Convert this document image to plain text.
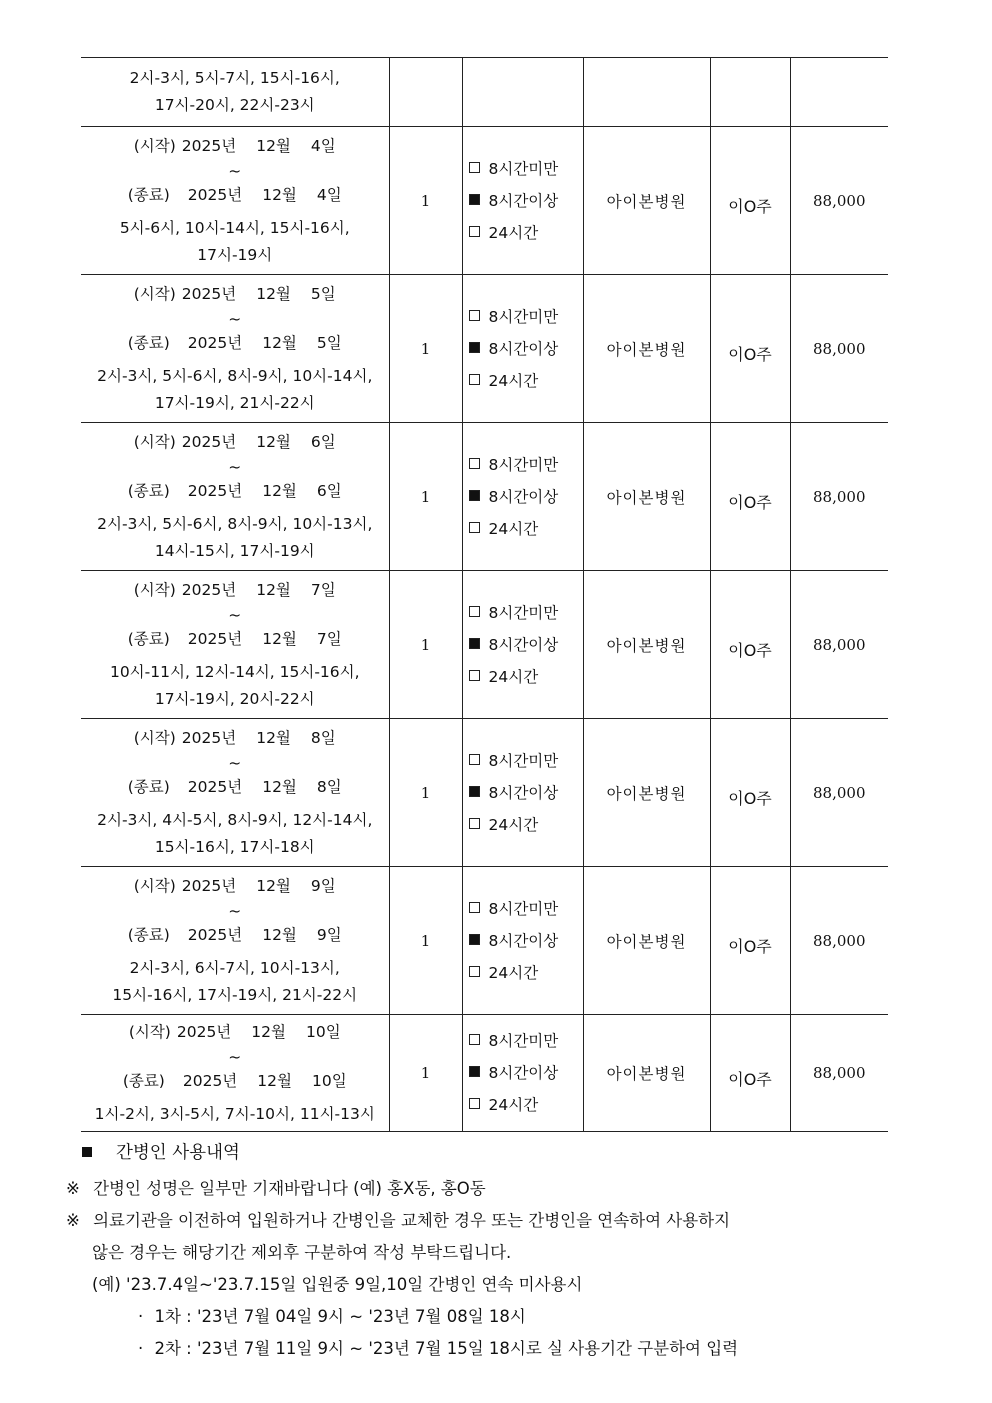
2시-3시, 5시-7시, 15시-16시,
17시-20시, 22시-23시					

(시작) 2025년 12월 4일
~
(종료) 2025년 12월 4일
5시-6시, 10시-14시, 15시-16시,
17시-19시	1	8시간미만
8시간이상
24시간	아이본병원	이O주	88,000

(시작) 2025년 12월 5일
~
(종료) 2025년 12월 5일
2시-3시, 5시-6시, 8시-9시, 10시-14시,
17시-19시, 21시-22시	1	8시간미만
8시간이상
24시간	아이본병원	이O주	88,000

(시작) 2025년 12월 6일
~
(종료) 2025년 12월 6일
2시-3시, 5시-6시, 8시-9시, 10시-13시,
14시-15시, 17시-19시	1	8시간미만
8시간이상
24시간	아이본병원	이O주	88,000

(시작) 2025년 12월 7일
~
(종료) 2025년 12월 7일
10시-11시, 12시-14시, 15시-16시,
17시-19시, 20시-22시	1	8시간미만
8시간이상
24시간	아이본병원	이O주	88,000

(시작) 2025년 12월 8일
~
(종료) 2025년 12월 8일
2시-3시, 4시-5시, 8시-9시, 12시-14시,
15시-16시, 17시-18시	1	8시간미만
8시간이상
24시간	아이본병원	이O주	88,000

(시작) 2025년 12월 9일
~
(종료) 2025년 12월 9일
2시-3시, 6시-7시, 10시-13시,
15시-16시, 17시-19시, 21시-22시	1	8시간미만
8시간이상
24시간	아이본병원	이O주	88,000

(시작) 2025년 12월 10일
~
(종료) 2025년 12월 10일
1시-2시, 3시-5시, 7시-10시, 11시-13시	1	8시간미만
8시간이상
24시간	아이본병원	이O주	88,000
간병인 사용내역
※ 간병인 성명은 일부만 기재바랍니다 (예) 홍X동, 홍O동
※ 의료기관을 이전하여 입원하거나 간병인을 교체한 경우 또는 간병인을 연속하여 사용하지
않은 경우는 해당기간 제외후 구분하여 작성 부탁드립니다.
(예) '23.7.4일~'23.7.15일 입원중 9일,10일 간병인 연속 미사용시
· 1차 : '23년 7월 04일 9시 ~ '23년 7월 08일 18시
· 2차 : '23년 7월 11일 9시 ~ '23년 7월 15일 18시로 실 사용기간 구분하여 입력
